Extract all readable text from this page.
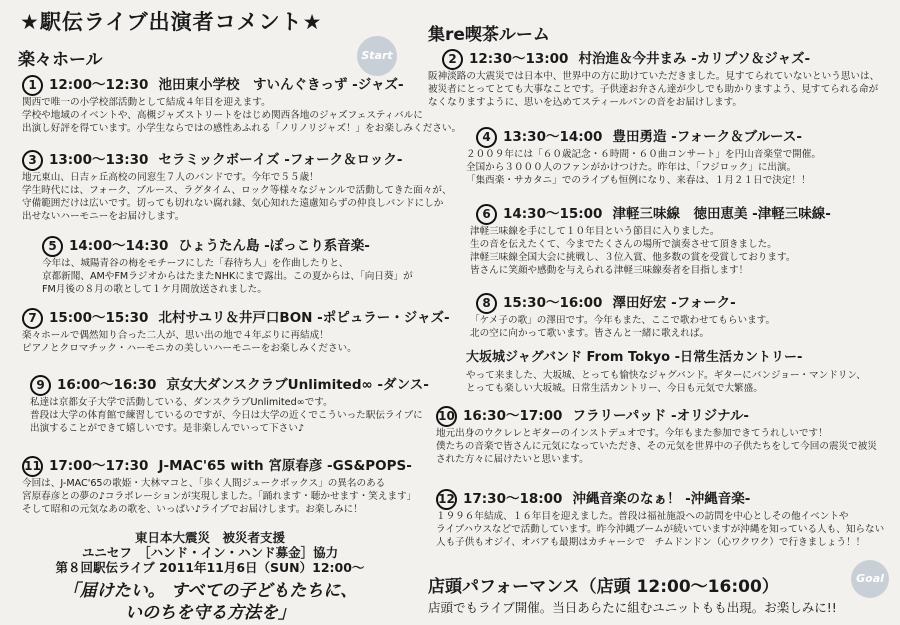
★駅伝ライブ出演者コメント★
楽々ホール	Start
1 12:00～12:30 池田東小学校　すいんぐきっず -ジャズ-
関西で唯一の小学校部活動として結成４年目を迎えます。
学校や地域のイベントや、高槻ジャズストリートをはじめ関西各地のジャズフェスティバルに
出演し好評を得ています。小学生ならではの感性あふれる「ノリノリジャズ！」をお楽しみください。
3 13:00～13:30 セラミックボーイズ -フォーク＆ロック-
地元東山、日吉ヶ丘高校の同窓生７人のバンドです。今年で５５歳！
学生時代には、フォーク、ブルース、ラグタイム、ロック等様々なジャンルで活動してきた面々が、
守備範囲だけは広いです。切っても切れない腐れ縁、気心知れた遠慮知らずの仲良しバンドにしか
出せないハーモニーをお届けします。
5 14:00～14:30 ひょうたん島 -ぽっこり系音楽-
今年は、城陽青谷の梅をモチーフにした「春待ち人」を作曲したりと、
京都新聞、AMやFMラジオからはたまたNHKにまで露出。この夏からは、「向日葵」が
FM月後の８月の歌として１ケ月間放送されました。
7 15:00～15:30 北村サユリ＆井戸口BON -ポピュラー・ジャズ-
楽々ホールで偶然知り合った二人が、思い出の地で４年ぶりに再結成！
ピアノとクロマチック・ハーモニカの美しいハーモニーをお楽しみください。
9 16:00～16:30 京女大ダンスクラブUnlimited∞ -ダンス-
私達は京都女子大学で活動している、ダンスクラブUnlimited∞です。
普段は大学の体育館で練習しているのですが、今日は大学の近くでこういった駅伝ライブに
出演することができて嬉しいです。是非楽しんでいって下さい♪
11 17:00～17:30 J-MAC'65 with 宮原春彦 -GS&POPS-
今回は、J-MAC'65の歌姫・大林マコと、「歩く人間ジュークボックス」の異名のある
宮原春彦との夢の♪コラボレーションが実現しました。「踊れます・聴かせます・笑えます」
そして昭和の元気なあの歌を、いっぱい♪ライブでお届けします。お楽しみに！
東日本大震災　被災者支援
ユニセフ　［ハンド・イン・ハンド募金］協力
第８回駅伝ライブ 2011年11月6日（SUN）12:00～
「届けたい。 すべての子どもたちに、
いのちを守る方法を」
集re喫茶ルーム
2 12:30～13:00 村治進＆今井まみ -カリプソ＆ジャズ-
阪神淡路の大震災では日本中、世界中の方に助けていただきました。見すてられていないという思いは、
被災者にとってとても大事なことです。子供達お弁さん達が少しでも助かりますよう、見すてられる命が
なくなりますように、思いを込めてスティールパンの音をお届けします。
4 13:30～14:00 豊田勇造 -フォーク＆ブルース-
２００９年には「６０歳記念・６時間・６０曲コンサート」を円山音楽堂で開催。
全国から３０００人のファンがかけつけた。昨年は、「フジロック」に出演。
「集酉楽・サカタニ」でのライブも恒例になり、来春は、１月２１日で決定！！
6 14:30～15:00 津軽三味線　徳田恵美 -津軽三味線-
津軽三味線を手にして１０年目という節目に入りました。
生の音を伝えたくて、今までたくさんの場所で演奏させて頂きました。
津軽三味線全国大会に挑戦し、３位入賞、他多数の賞を受賞しております。
皆さんに笑顔や感動を与えられる津軽三味線奏者を目指します！
8 15:30～16:00 澤田好宏 -フォーク-
「ケメ子の歌」の澤田です。今年もまた、ここで歌わせてもらいます。
北の空に向かって歌います。皆さんと一緒に歌えれば。
大坂城ジャグバンド From Tokyo -日常生活カントリー-
やって来ました、大坂城、とっても愉快なジャグバンド。ギターにバンジョー・マンドリン、
とっても楽しい大坂城。日常生活カントリー、今日も元気で大繁盛。
10 16:30～17:00 フラリーパッド -オリジナル-
地元出身のウクレレとギターのインストデュオです。今年もまた参加できてうれしいです！
僕たちの音楽で皆さんに元気になっていただき、その元気を世界中の子供たちをして今回の震災で被災
された方々に届けたいと思います。
12 17:30～18:00 沖縄音楽のなぁ！ -沖縄音楽-
１９９６年結成、１６年目を迎えました。普段は福祉施設への訪問を中心としその他イベントや
ライブハウスなどで活動しています。昨今沖縄ブームが続いていますが沖縄を知っている人も、知らない
人も子供もオジイ、オバアも最期はカチャーシで　チムドンドン（心ワクワク）で行きましょう！！
店頭パフォーマンス（店頭 12:00～16:00）
店頭でもライブ開催。当日あらたに組むユニットもも出現。お楽しみに!!
Goal
